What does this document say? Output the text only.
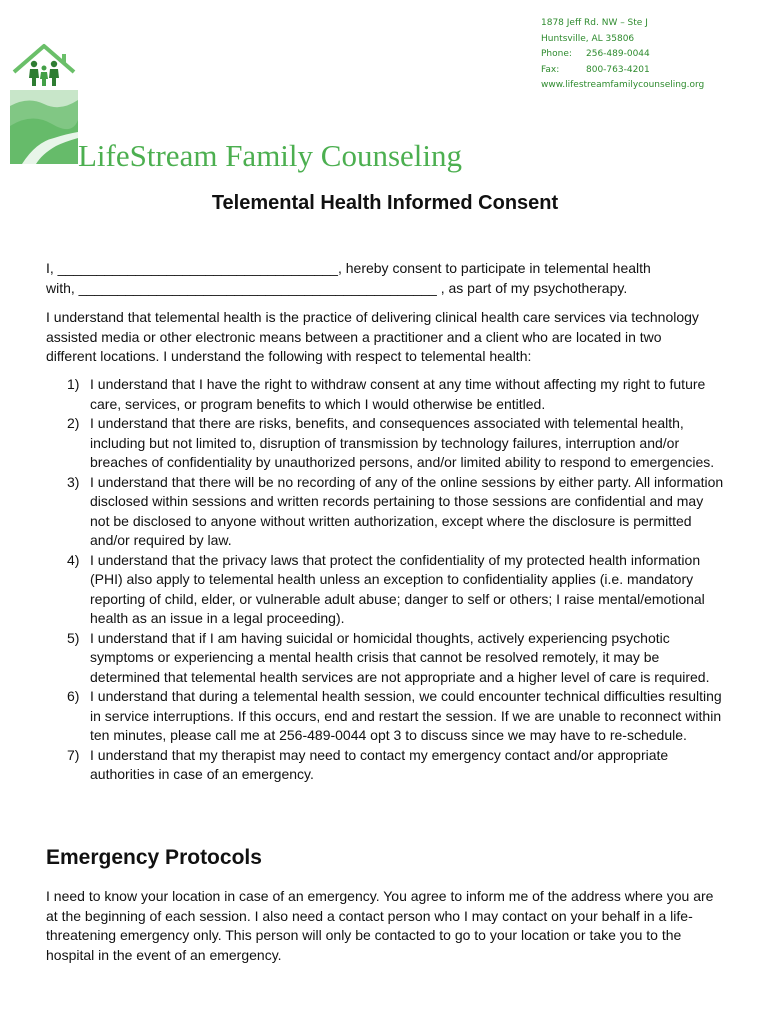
1878 Jeff Rd. NW – Ste J
Huntsville, AL 35806
Phone: 256-489-0044
Fax:	800-763-4201
www.lifestreamfamilycounseling.org
LifeStream Family Counseling
Telemental Health Informed Consent
I, ____________________________________, hereby consent to participate in telemental health
with, ______________________________________________ , as part of my psychotherapy.

I understand that telemental health is the practice of delivering clinical health care services via technology assisted media or other electronic means between a practitioner and a client who are located in two different locations. I understand the following with respect to telemental health:

1) I understand that I have the right to withdraw consent at any time without affecting my right to future care, services, or program benefits to which I would otherwise be entitled.
2) I understand that there are risks, benefits, and consequences associated with telemental health, including but not limited to, disruption of transmission by technology failures, interruption and/or breaches of confidentiality by unauthorized persons, and/or limited ability to respond to emergencies.
3) I understand that there will be no recording of any of the online sessions by either party. All information disclosed within sessions and written records pertaining to those sessions are confidential and may not be disclosed to anyone without written authorization, except where the disclosure is permitted and/or required by law.
4) I understand that the privacy laws that protect the confidentiality of my protected health information (PHI) also apply to telemental health unless an exception to confidentiality applies (i.e. mandatory reporting of child, elder, or vulnerable adult abuse; danger to self or others; I raise mental/emotional health as an issue in a legal proceeding).
5) I understand that if I am having suicidal or homicidal thoughts, actively experiencing psychotic symptoms or experiencing a mental health crisis that cannot be resolved remotely, it may be determined that telemental health services are not appropriate and a higher level of care is required.
6) I understand that during a telemental health session, we could encounter technical difficulties resulting in service interruptions. If this occurs, end and restart the session. If we are unable to reconnect within ten minutes, please call me at 256-489-0044 opt 3 to discuss since we may have to re-schedule.
7) I understand that my therapist may need to contact my emergency contact and/or appropriate authorities in case of an emergency.
Emergency Protocols

I need to know your location in case of an emergency. You agree to inform me of the address where you are at the beginning of each session. I also need a contact person who I may contact on your behalf in a life- threatening emergency only. This person will only be contacted to go to your location or take you to the hospital in the event of an emergency.
